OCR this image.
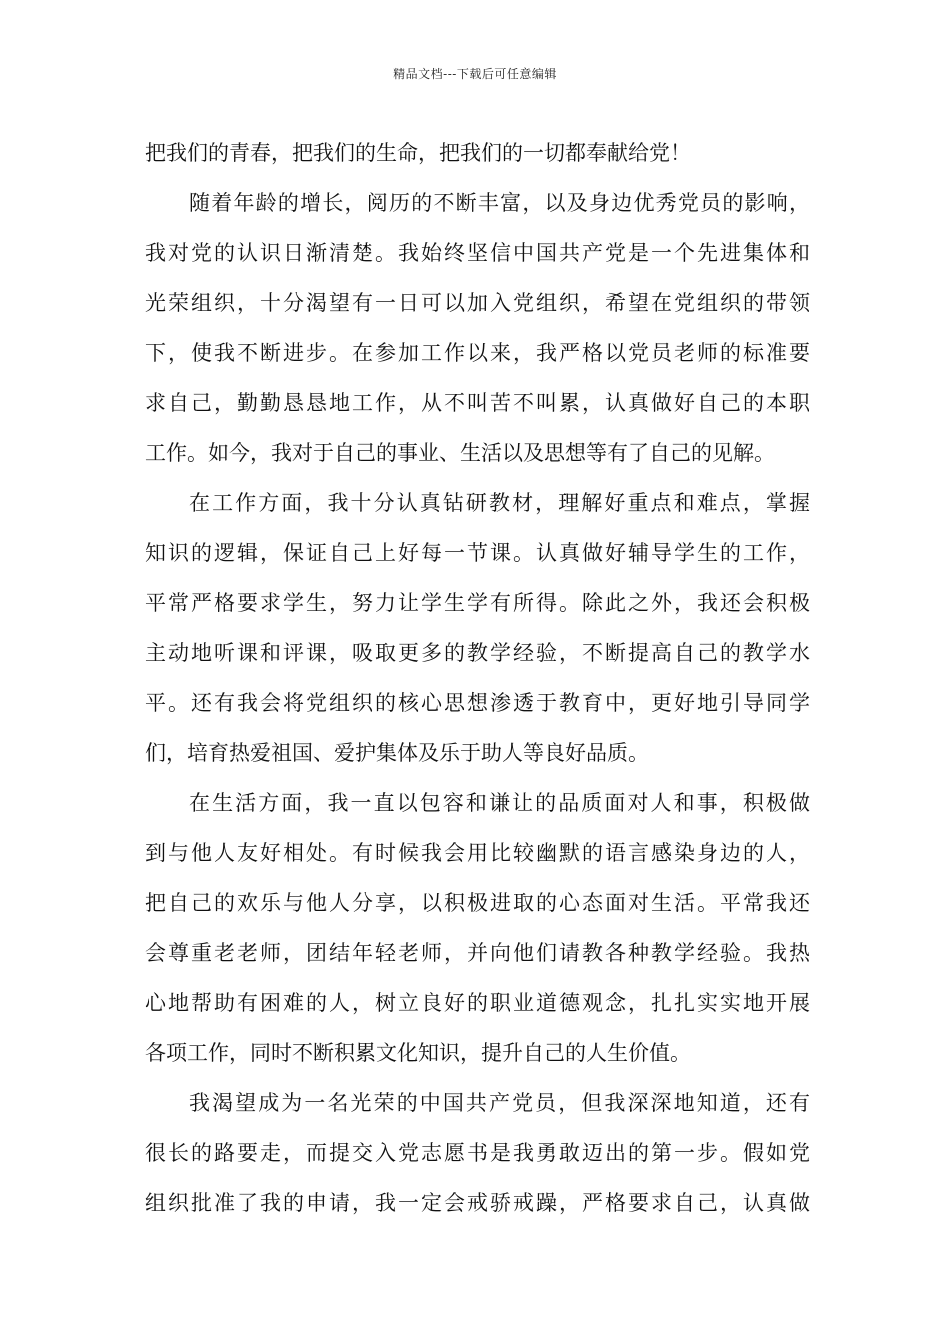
精品文档---下载后可任意编辑
把我们的青春，把我们的生命，把我们的一切都奉献给党！
随着年龄的增长，阅历的不断丰富，以及身边优秀党员的影响，
我对党的认识日渐清楚。我始终坚信中国共产党是一个先进集体和
光荣组织，十分渴望有一日可以加入党组织，希望在党组织的带领
下，使我不断进步。在参加工作以来，我严格以党员老师的标准要
求自己，勤勤恳恳地工作，从不叫苦不叫累，认真做好自己的本职
工作。如今，我对于自己的事业、生活以及思想等有了自己的见解。
在工作方面，我十分认真钻研教材，理解好重点和难点，掌握
知识的逻辑，保证自己上好每一节课。认真做好辅导学生的工作，
平常严格要求学生，努力让学生学有所得。除此之外，我还会积极
主动地听课和评课，吸取更多的教学经验，不断提高自己的教学水
平。还有我会将党组织的核心思想渗透于教育中，更好地引导同学
们，培育热爱祖国、爱护集体及乐于助人等良好品质。
在生活方面，我一直以包容和谦让的品质面对人和事，积极做
到与他人友好相处。有时候我会用比较幽默的语言感染身边的人，
把自己的欢乐与他人分享，以积极进取的心态面对生活。平常我还
会尊重老老师，团结年轻老师，并向他们请教各种教学经验。我热
心地帮助有困难的人，树立良好的职业道德观念，扎扎实实地开展
各项工作，同时不断积累文化知识，提升自己的人生价值。
我渴望成为一名光荣的中国共产党员，但我深深地知道，还有
很长的路要走，而提交入党志愿书是我勇敢迈出的第一步。假如党
组织批准了我的申请，我一定会戒骄戒躁，严格要求自己，认真做
